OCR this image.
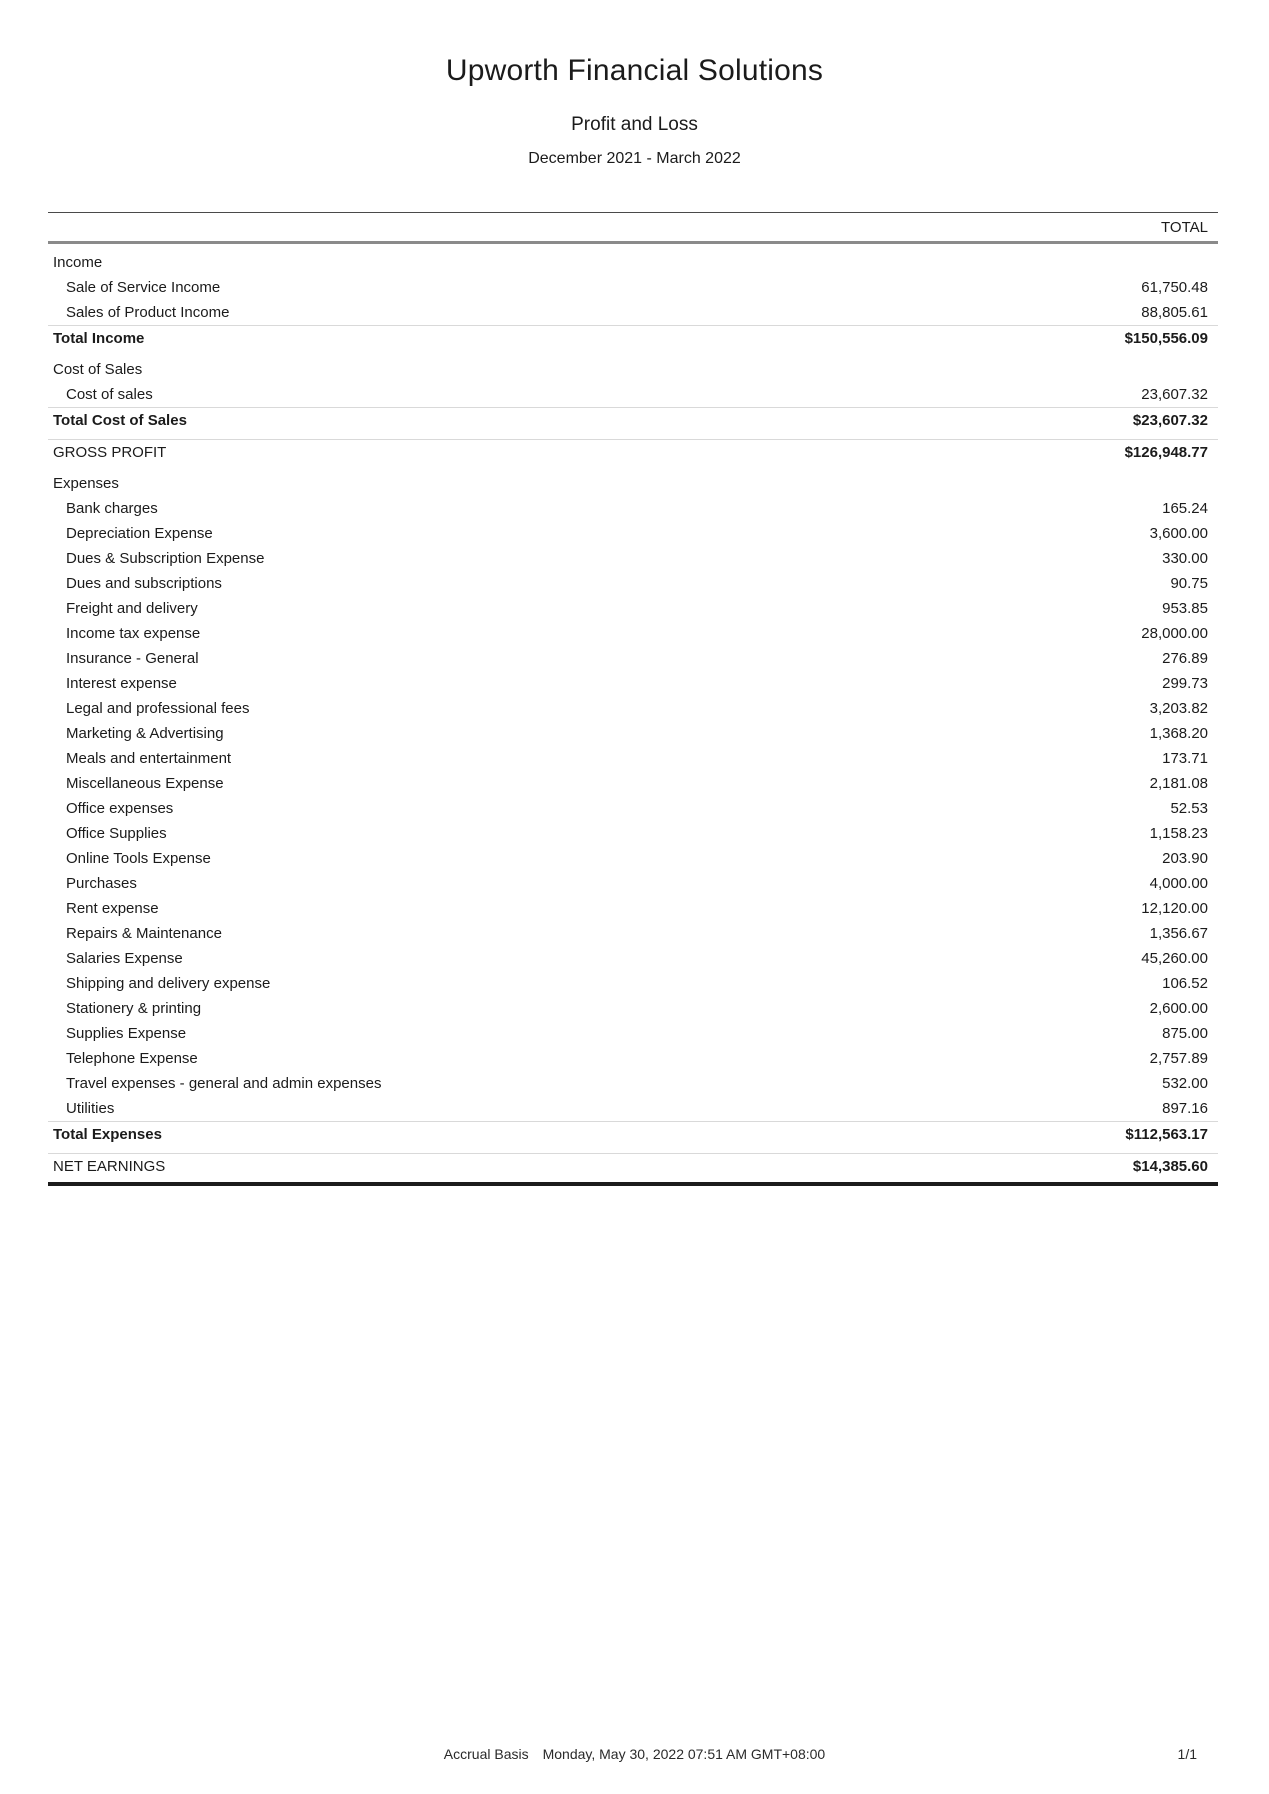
Upworth Financial Solutions
Profit and Loss
December 2021 - March 2022
TOTAL
Income
Sale of Service Income	61,750.48
Sales of Product Income	88,805.61
Total Income	$150,556.09
Cost of Sales
Cost of sales	23,607.32
Total Cost of Sales	$23,607.32
GROSS PROFIT	$126,948.77
Expenses
Bank charges	165.24
Depreciation Expense	3,600.00
Dues & Subscription Expense	330.00
Dues and subscriptions	90.75
Freight and delivery	953.85
Income tax expense	28,000.00
Insurance - General	276.89
Interest expense	299.73
Legal and professional fees	3,203.82
Marketing & Advertising	1,368.20
Meals and entertainment	173.71
Miscellaneous Expense	2,181.08
Office expenses	52.53
Office Supplies	1,158.23
Online Tools Expense	203.90
Purchases	4,000.00
Rent expense	12,120.00
Repairs & Maintenance	1,356.67
Salaries Expense	45,260.00
Shipping and delivery expense	106.52
Stationery & printing	2,600.00
Supplies Expense	875.00
Telephone Expense	2,757.89
Travel expenses - general and admin expenses	532.00
Utilities	897.16
Total Expenses	$112,563.17
NET EARNINGS	$14,385.60
Accrual Basis Monday, May 30, 2022 07:51 AM GMT+08:00	1/1
